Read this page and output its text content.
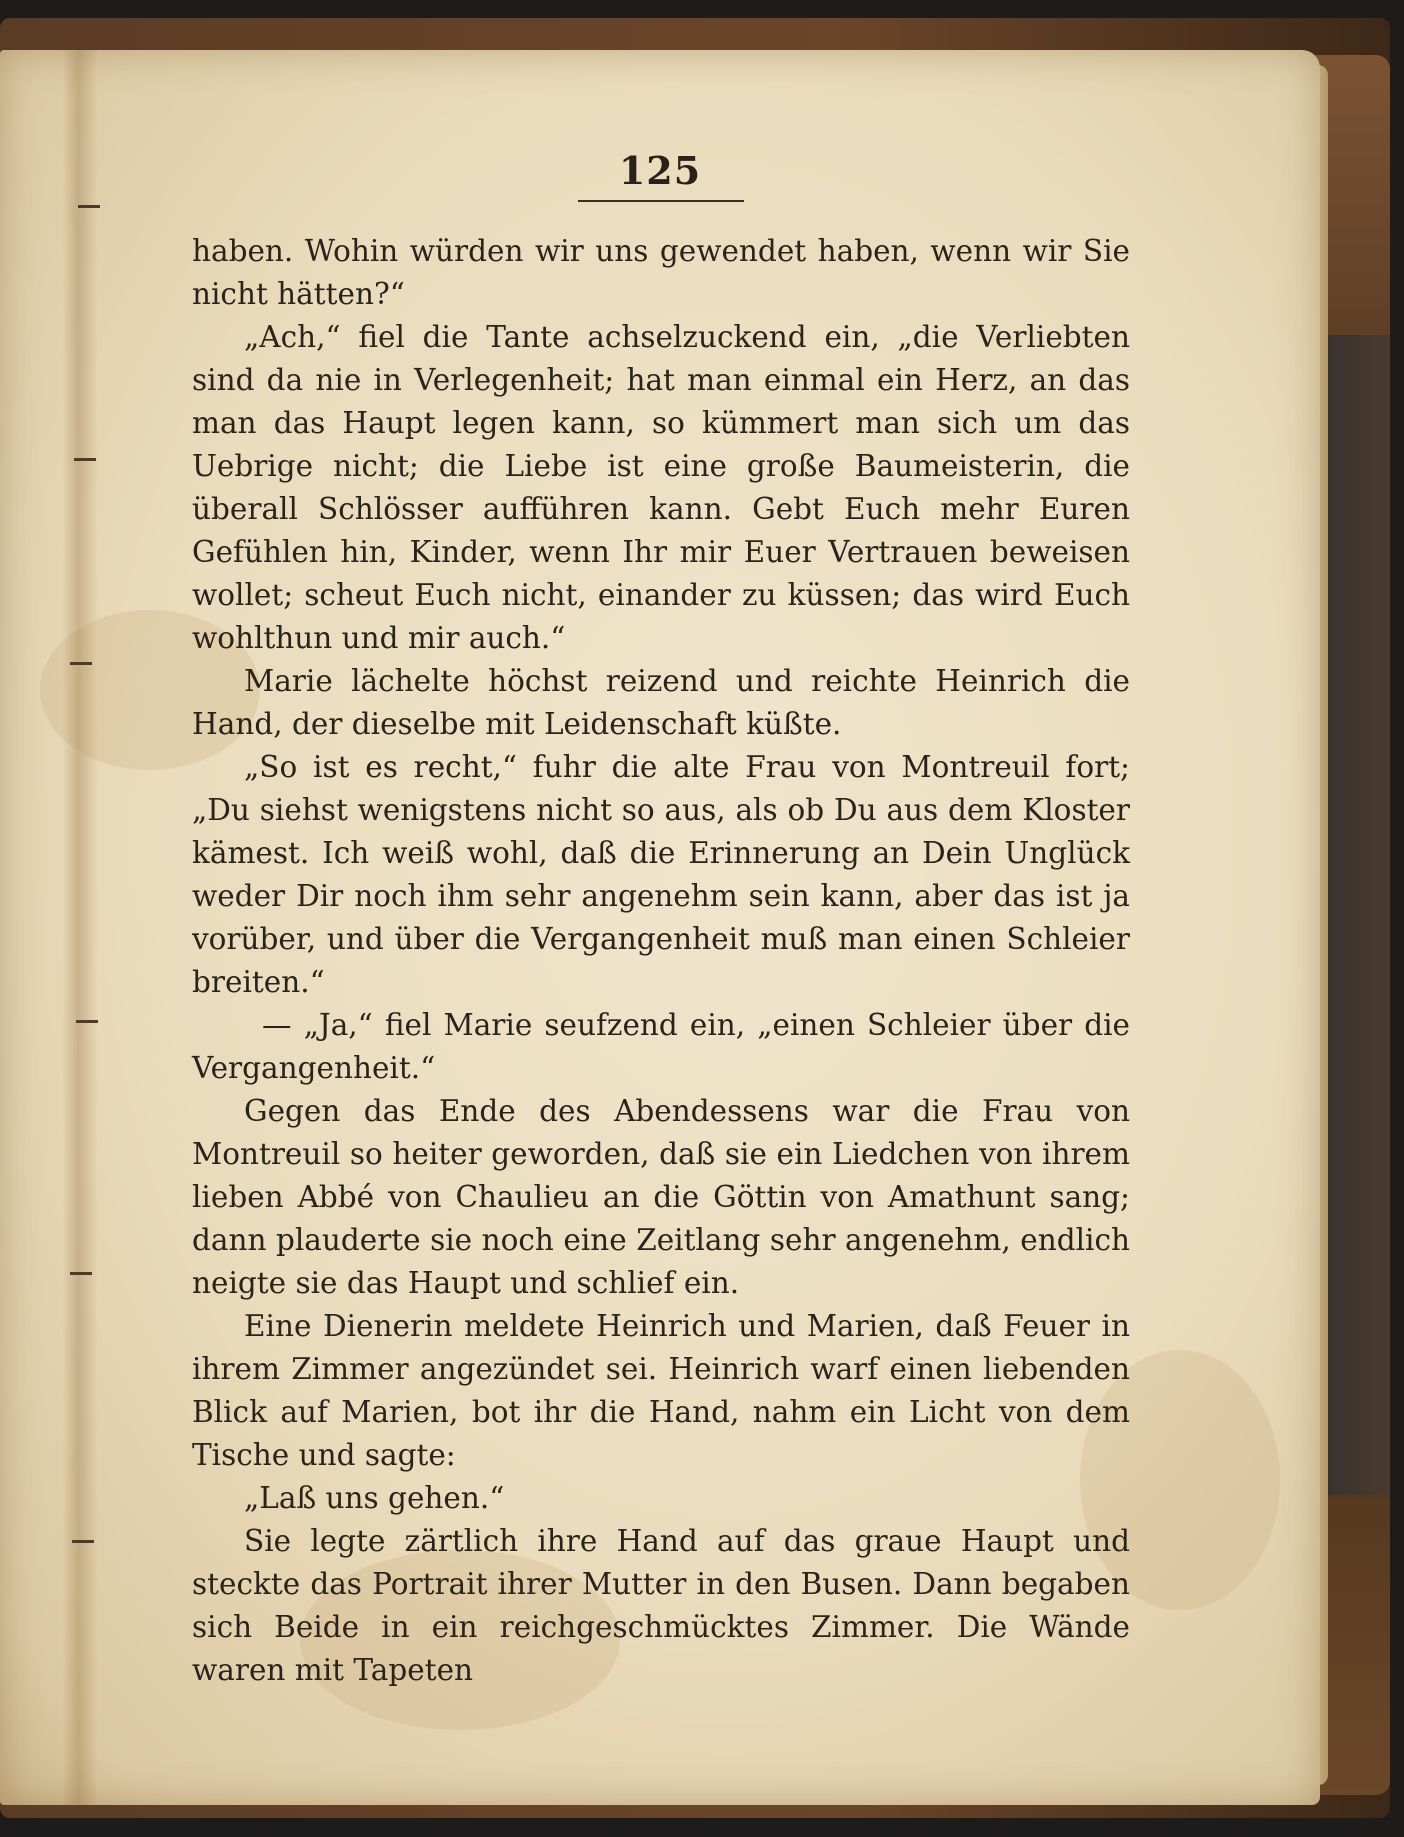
125

haben. Wohin würden wir uns gewendet haben, wenn wir Sie nicht hätten?“

„Ach,“ fiel die Tante achselzuckend ein, „die Verliebten sind da nie in Verlegenheit; hat man einmal ein Herz, an das man das Haupt legen kann, so kümmert man sich um das Uebrige nicht; die Liebe ist eine große Baumeisterin, die überall Schlösser aufführen kann. Gebt Euch mehr Euren Gefühlen hin, Kinder, wenn Ihr mir Euer Vertrauen beweisen wollet; scheut Euch nicht, einander zu küssen; das wird Euch wohlthun und mir auch.“

Marie lächelte höchst reizend und reichte Heinrich die Hand, der dieselbe mit Leidenschaft küßte.

„So ist es recht,“ fuhr die alte Frau von Montreuil fort; „Du siehst wenigstens nicht so aus, als ob Du aus dem Kloster kämest. Ich weiß wohl, daß die Erinnerung an Dein Unglück weder Dir noch ihm sehr angenehm sein kann, aber das ist ja vorüber, und über die Vergangenheit muß man einen Schleier breiten.“

— „Ja,“ fiel Marie seufzend ein, „einen Schleier über die Vergangenheit.“

Gegen das Ende des Abendessens war die Frau von Montreuil so heiter geworden, daß sie ein Liedchen von ihrem lieben Abbé von Chaulieu an die Göttin von Amathunt sang; dann plauderte sie noch eine Zeitlang sehr angenehm, endlich neigte sie das Haupt und schlief ein.

Eine Dienerin meldete Heinrich und Marien, daß Feuer in ihrem Zimmer angezündet sei. Heinrich warf einen liebenden Blick auf Marien, bot ihr die Hand, nahm ein Licht von dem Tische und sagte:

„Laß uns gehen.“

Sie legte zärtlich ihre Hand auf das graue Haupt und steckte das Portrait ihrer Mutter in den Busen. Dann begaben sich Beide in ein reichgeschmücktes Zimmer. Die Wände waren mit Tapeten
